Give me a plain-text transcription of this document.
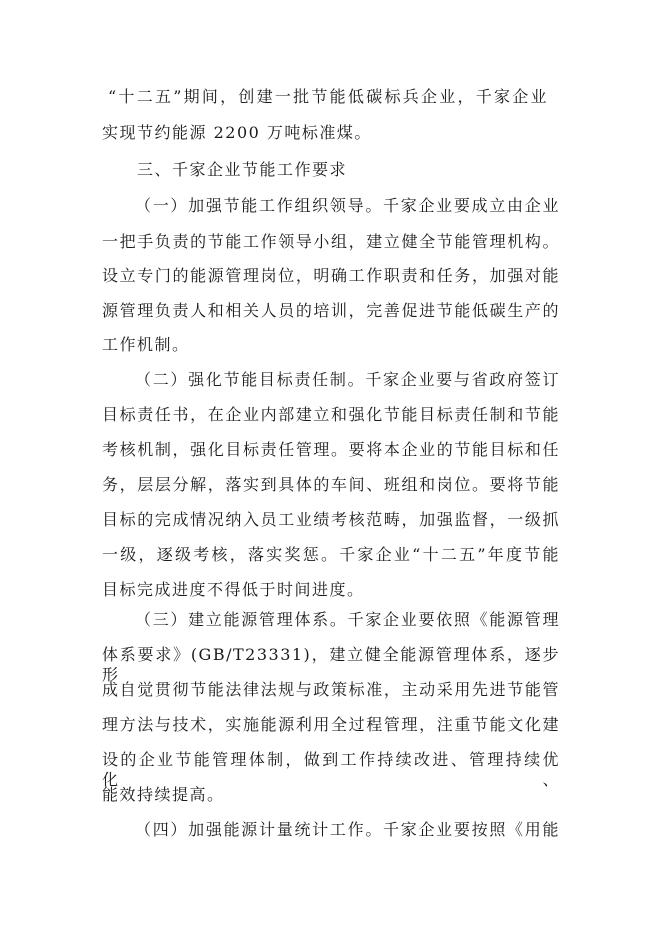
“十二五”期间，创建一批节能低碳标兵企业，千家企业
实现节约能源 2200 万吨标准煤。
三、千家企业节能工作要求
（一）加强节能工作组织领导。千家企业要成立由企业
一把手负责的节能工作领导小组，建立健全节能管理机构。
设立专门的能源管理岗位，明确工作职责和任务，加强对能
源管理负责人和相关人员的培训，完善促进节能低碳生产的
工作机制。
（二）强化节能目标责任制。千家企业要与省政府签订
目标责任书，在企业内部建立和强化节能目标责任制和节能
考核机制，强化目标责任管理。要将本企业的节能目标和任
务，层层分解，落实到具体的车间、班组和岗位。要将节能
目标的完成情况纳入员工业绩考核范畴，加强监督，一级抓
一级，逐级考核，落实奖惩。千家企业“十二五”年度节能
目标完成进度不得低于时间进度。
（三）建立能源管理体系。千家企业要依照《能源管理
体系要求》(GB/T23331)，建立健全能源管理体系，逐步形
成自觉贯彻节能法律法规与政策标准，主动采用先进节能管
理方法与技术，实施能源利用全过程管理，注重节能文化建
设的企业节能管理体制，做到工作持续改进、管理持续优化、
能效持续提高。
（四）加强能源计量统计工作。千家企业要按照《用能
